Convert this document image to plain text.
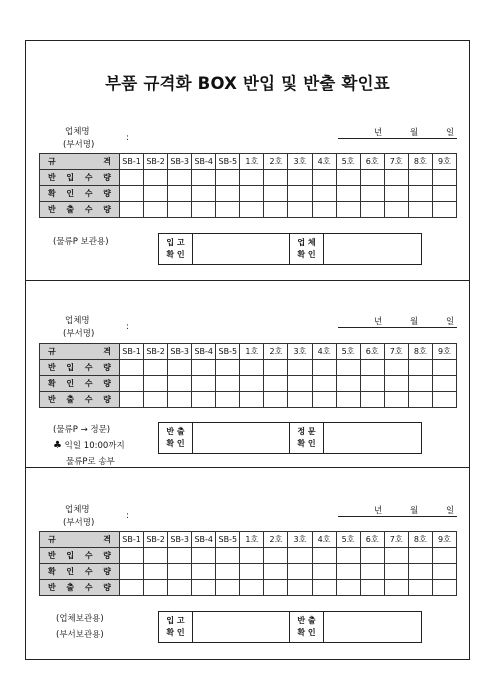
부품 규격화 BOX 반입 및 반출 확인표
업체명
(부서명)
:	년	월	일
규 격	SB-1	SB-2	SB-3	SB-4	SB-5	1호	2호	3호	4호	5호	6호	7호	8호	9호

반 입 수 량														

확 인 수 량														

반 출 수 량														

(물류P 보관용)	입 고
확 인

업 체
확 인

업체명
(부서명)
:	년	월	일
규 격	SB-1	SB-2	SB-3	SB-4	SB-5	1호	2호	3호	4호	5호	6호	7호	8호	9호

반 입 수 량														

확 인 수 량														

반 출 수 량														

(물류P → 정문)
♣ 익일 10:00까지
물류P로 송부
반 출
확 인

정 문
확 인

업체명
(부서명)
:	년	월	일
규 격	SB-1	SB-2	SB-3	SB-4	SB-5	1호	2호	3호	4호	5호	6호	7호	8호	9호

반 입 수 량														

확 인 수 량														

반 출 수 량														

(업체보관용)
(부서보관용)
입 고
확 인

반 출
확 인
